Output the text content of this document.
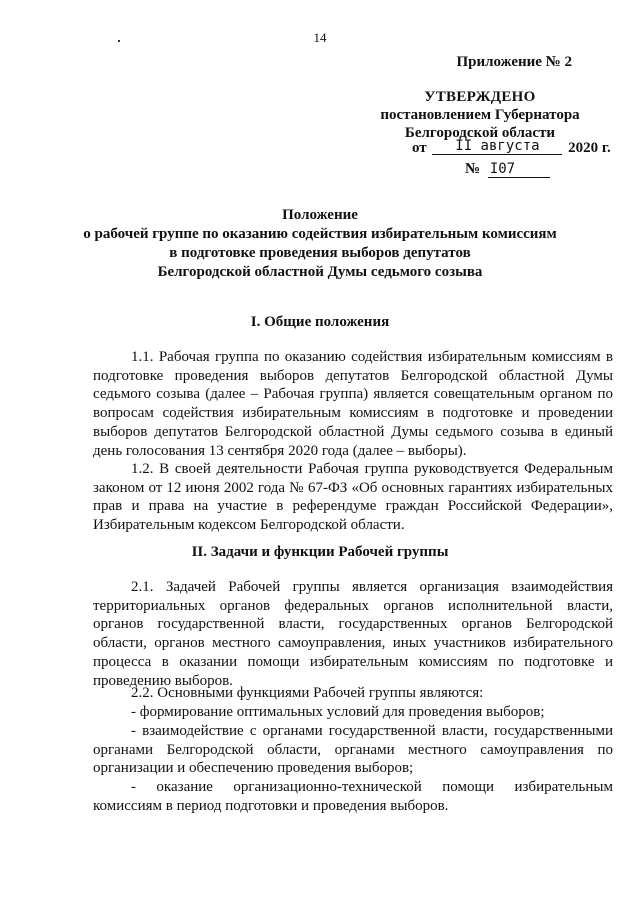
14
Приложение № 2
УТВЕРЖДЕНО
постановлением Губернатора
Белгородской области
от II августа 2020 г.
№ I07
Положение
о рабочей группе по оказанию содействия избирательным комиссиям
в подготовке проведения выборов депутатов
Белгородской областной Думы седьмого созыва
I. Общие положения
1.1. Рабочая группа по оказанию содействия избирательным комиссиям в подготовке проведения выборов депутатов Белгородской областной Думы седьмого созыва (далее – Рабочая группа) является совещательным органом по вопросам содействия избирательным комиссиям в подготовке и проведении выборов депутатов Белгородской областной Думы седьмого созыва в единый день голосования 13 сентября 2020 года (далее – выборы).
1.2. В своей деятельности Рабочая группа руководствуется Федеральным законом от 12 июня 2002 года № 67-ФЗ «Об основных гарантиях избирательных прав и права на участие в референдуме граждан Российской Федерации», Избирательным кодексом Белгородской области.
II. Задачи и функции Рабочей группы
2.1. Задачей Рабочей группы является организация взаимодействия территориальных органов федеральных органов исполнительной власти, органов государственной власти, государственных органов Белгородской области, органов местного самоуправления, иных участников избирательного процесса в оказании помощи избирательным комиссиям по подготовке и проведению выборов.
2.2. Основными функциями Рабочей группы являются:
- формирование оптимальных условий для проведения выборов;
- взаимодействие с органами государственной власти, государственными органами Белгородской области, органами местного самоуправления по организации и обеспечению проведения выборов;
- оказание организационно-технической помощи избирательным комиссиям в период подготовки и проведения выборов.
